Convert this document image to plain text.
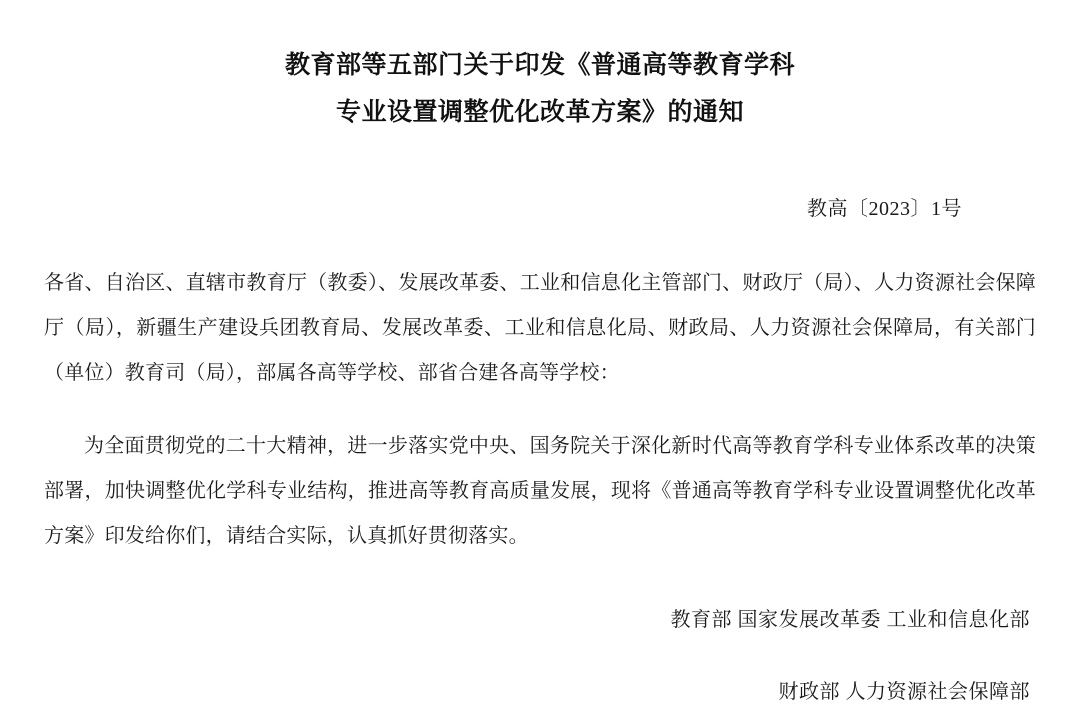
教育部等五部门关于印发《普通高等教育学科
专业设置调整优化改革方案》的通知
教高〔2023〕1号
各省、自治区、直辖市教育厅（教委）、发展改革委、工业和信息化主管部门、财政厅（局）、人力资源社会保障厅（局），新疆生产建设兵团教育局、发展改革委、工业和信息化局、财政局、人力资源社会保障局，有关部门（单位）教育司（局），部属各高等学校、部省合建各高等学校：
为全面贯彻党的二十大精神，进一步落实党中央、国务院关于深化新时代高等教育学科专业体系改革的决策部署，加快调整优化学科专业结构，推进高等教育高质量发展，现将《普通高等教育学科专业设置调整优化改革方案》印发给你们，请结合实际，认真抓好贯彻落实。
教育部 国家发展改革委 工业和信息化部
财政部 人力资源社会保障部
